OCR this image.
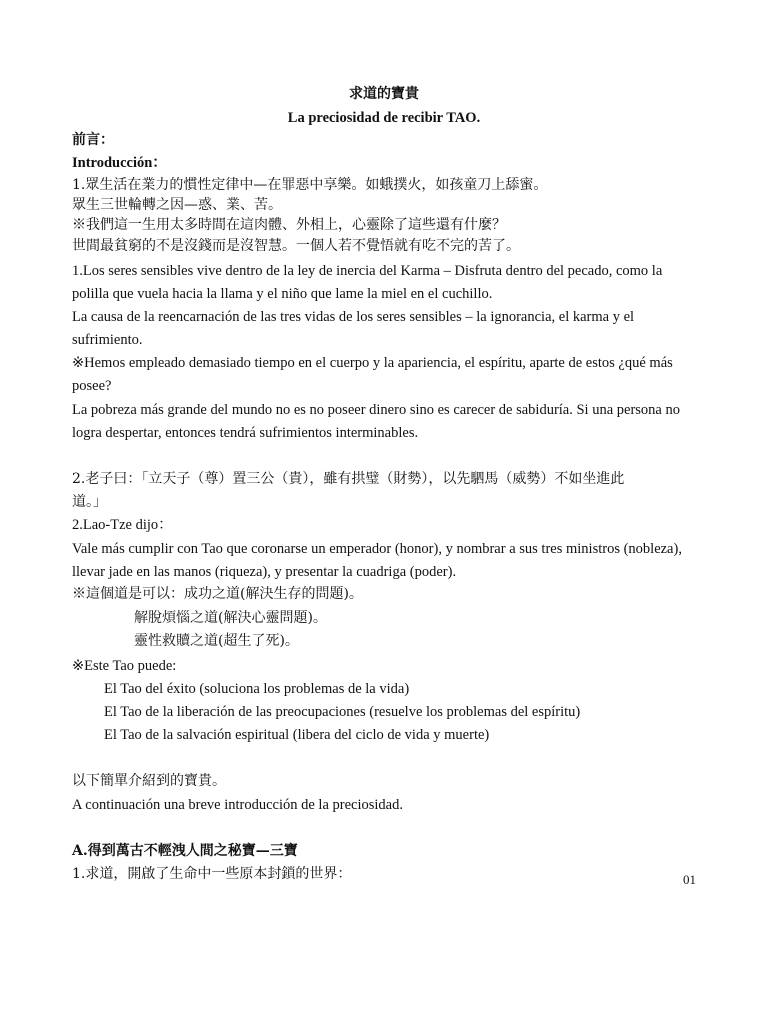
求道的寶貴
La preciosidad de recibir TAO.
前言：
Introducción：
1.眾生活在業力的慣性定律中—在罪惡中享樂。如蛾撲火，如孩童刀上舔蜜。
眾生三世輪轉之因—惑、業、苦。
※我們這一生用太多時間在這肉體、外相上，心靈除了這些還有什麼？
世間最貧窮的不是沒錢而是沒智慧。一個人若不覺悟就有吃不完的苦了。
1.Los seres sensibles vive dentro de la ley de inercia del Karma – Disfruta dentro del pecado, como la
polilla que vuela hacia la llama y el niño que lame la miel en el cuchillo.
La causa de la reencarnación de las tres vidas de los seres sensibles – la ignorancia, el karma y el
sufrimiento.
※Hemos empleado demasiado tiempo en el cuerpo y la apariencia, el espíritu, aparte de estos ¿qué más
posee?
La pobreza más grande del mundo no es no poseer dinero sino es carecer de sabiduría. Si una persona no
logra despertar, entonces tendrá sufrimientos interminables.
2.老子曰：「立天子（尊）置三公（貴），雖有拱璧（財勢），以先駟馬（威勢）不如坐進此
道。」
2.Lao-Tze dijo：
Vale más cumplir con Tao que coronarse un emperador (honor), y nombrar a sus tres ministros (nobleza),
llevar jade en las manos (riqueza), y presentar la cuadriga (poder).
※這個道是可以：成功之道(解決生存的問題)。
解脫煩惱之道(解決心靈問題)。
靈性救贖之道(超生了死)。
※Este Tao puede:
El Tao del éxito (soluciona los problemas de la vida)
El Tao de la liberación de las preocupaciones (resuelve los problemas del espíritu)
El Tao de la salvación espiritual (libera del ciclo de vida y muerte)
以下簡單介紹到的寶貴。
A continuación una breve introducción de la preciosidad.
A.得到萬古不輕洩人間之秘寶—三寶
1.求道，開啟了生命中一些原本封鎖的世界：	01
